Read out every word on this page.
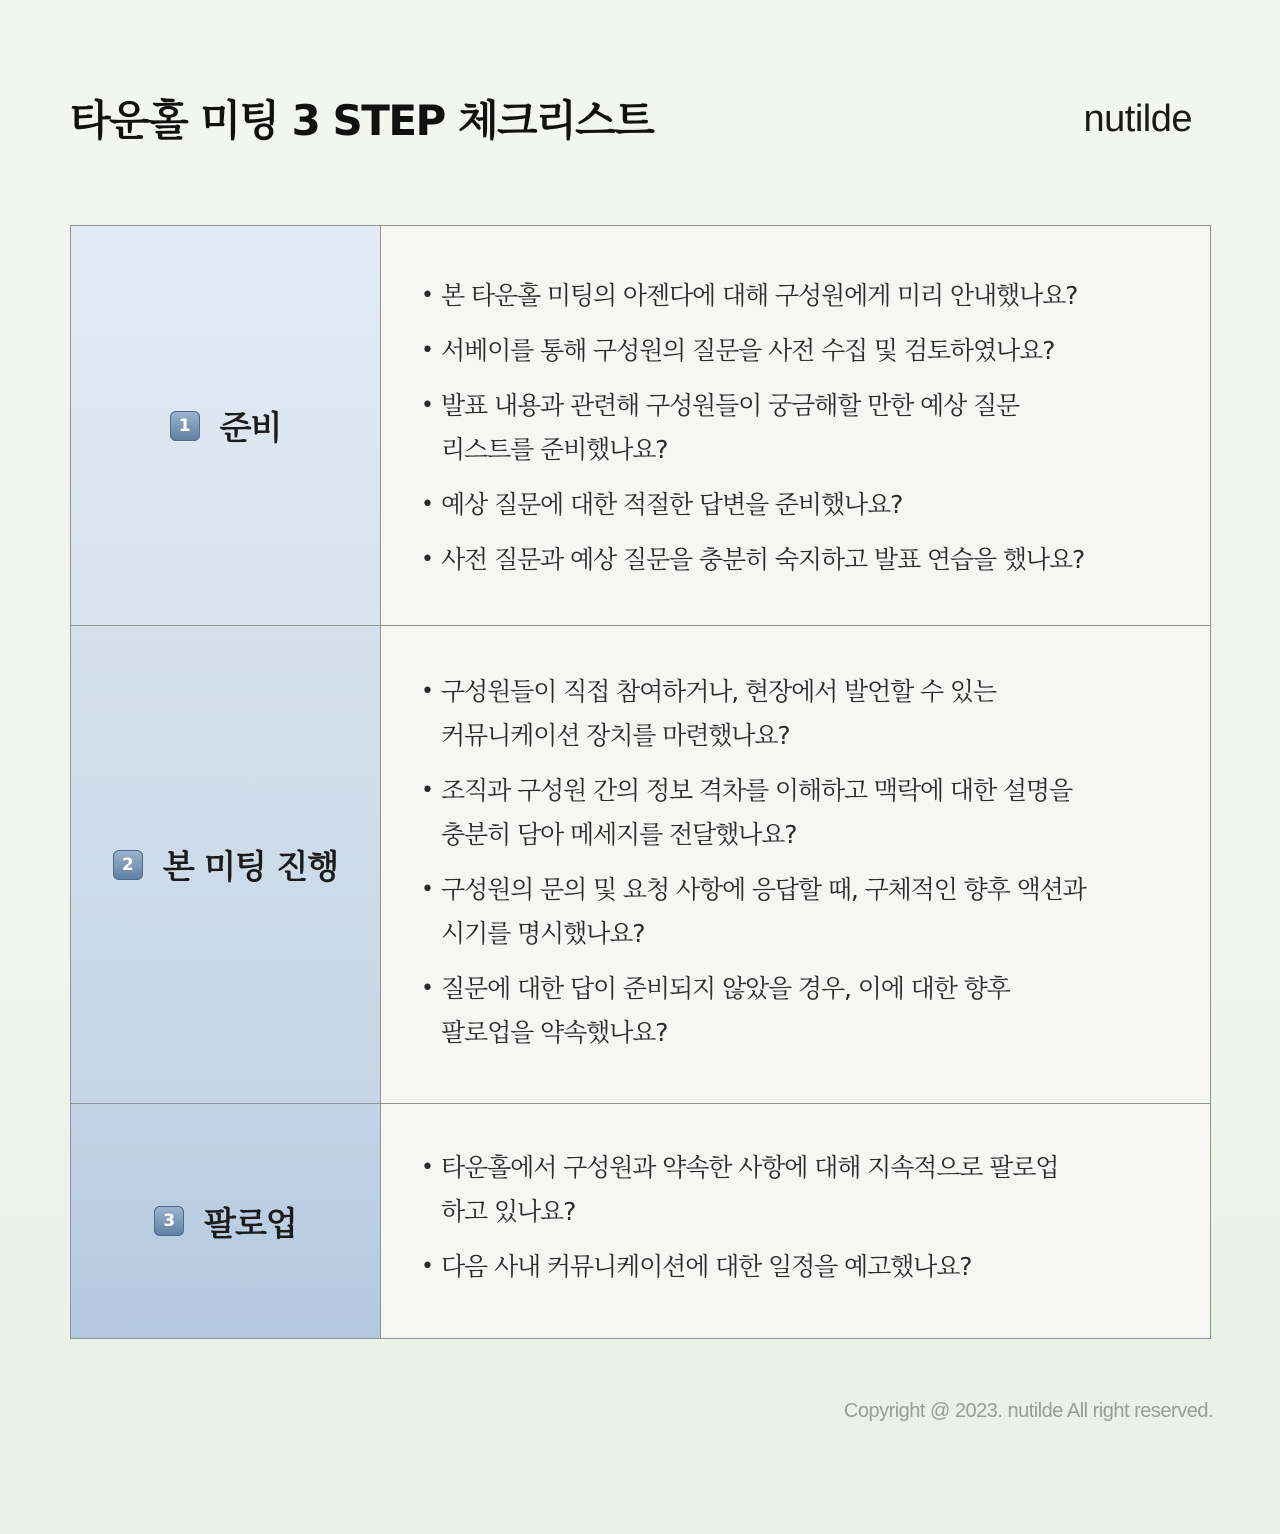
타운홀 미팅 3 STEP 체크리스트	nutilde
1 준비
• 본 타운홀 미팅의 아젠다에 대해 구성원에게 미리 안내했나요?
• 서베이를 통해 구성원의 질문을 사전 수집 및 검토하였나요?
• 발표 내용과 관련해 구성원들이 궁금해할 만한 예상 질문
리스트를 준비했나요?
• 예상 질문에 대한 적절한 답변을 준비했나요?
• 사전 질문과 예상 질문을 충분히 숙지하고 발표 연습을 했나요?
2 본 미팅 진행
• 구성원들이 직접 참여하거나, 현장에서 발언할 수 있는
커뮤니케이션 장치를 마련했나요?
• 조직과 구성원 간의 정보 격차를 이해하고 맥락에 대한 설명을
충분히 담아 메세지를 전달했나요?
• 구성원의 문의 및 요청 사항에 응답할 때, 구체적인 향후 액션과
시기를 명시했나요?
• 질문에 대한 답이 준비되지 않았을 경우, 이에 대한 향후
팔로업을 약속했나요?
3 팔로업
• 타운홀에서 구성원과 약속한 사항에 대해 지속적으로 팔로업
하고 있나요?
• 다음 사내 커뮤니케이션에 대한 일정을 예고했나요?
Copyright @ 2023. nutilde All right reserved.
